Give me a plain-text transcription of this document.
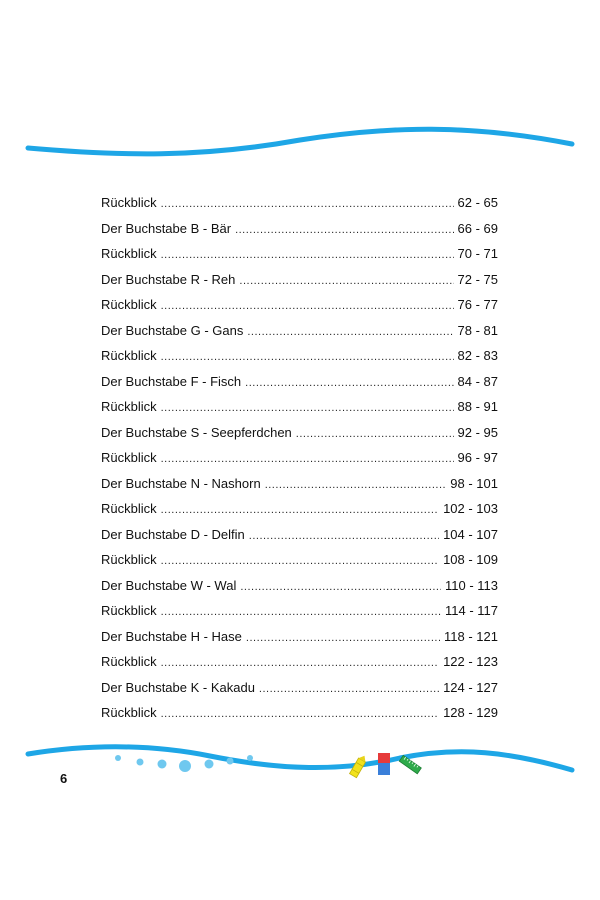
Rückblick .....	62 - 65
Der Buchstabe B - Bär .....	66 - 69
Rückblick .....	70 - 71
Der Buchstabe R - Reh .....	72 - 75
Rückblick .....	76 - 77
Der Buchstabe G - Gans .....	78 - 81
Rückblick .....	82 - 83
Der Buchstabe F - Fisch .....	84 - 87
Rückblick .....	88 - 91
Der Buchstabe S - Seepferdchen .....	92 - 95
Rückblick .....	96 - 97
Der Buchstabe N - Nashorn .....	98 - 101
Rückblick .....	102 - 103
Der Buchstabe D - Delfin .....	104 - 107
Rückblick .....	108 - 109
Der Buchstabe W - Wal .....	110 - 113
Rückblick .....	114 - 117
Der Buchstabe H - Hase .....	118 - 121
Rückblick .....	122 - 123
Der Buchstabe K - Kakadu .....	124 - 127
Rückblick .....	128 - 129
6
